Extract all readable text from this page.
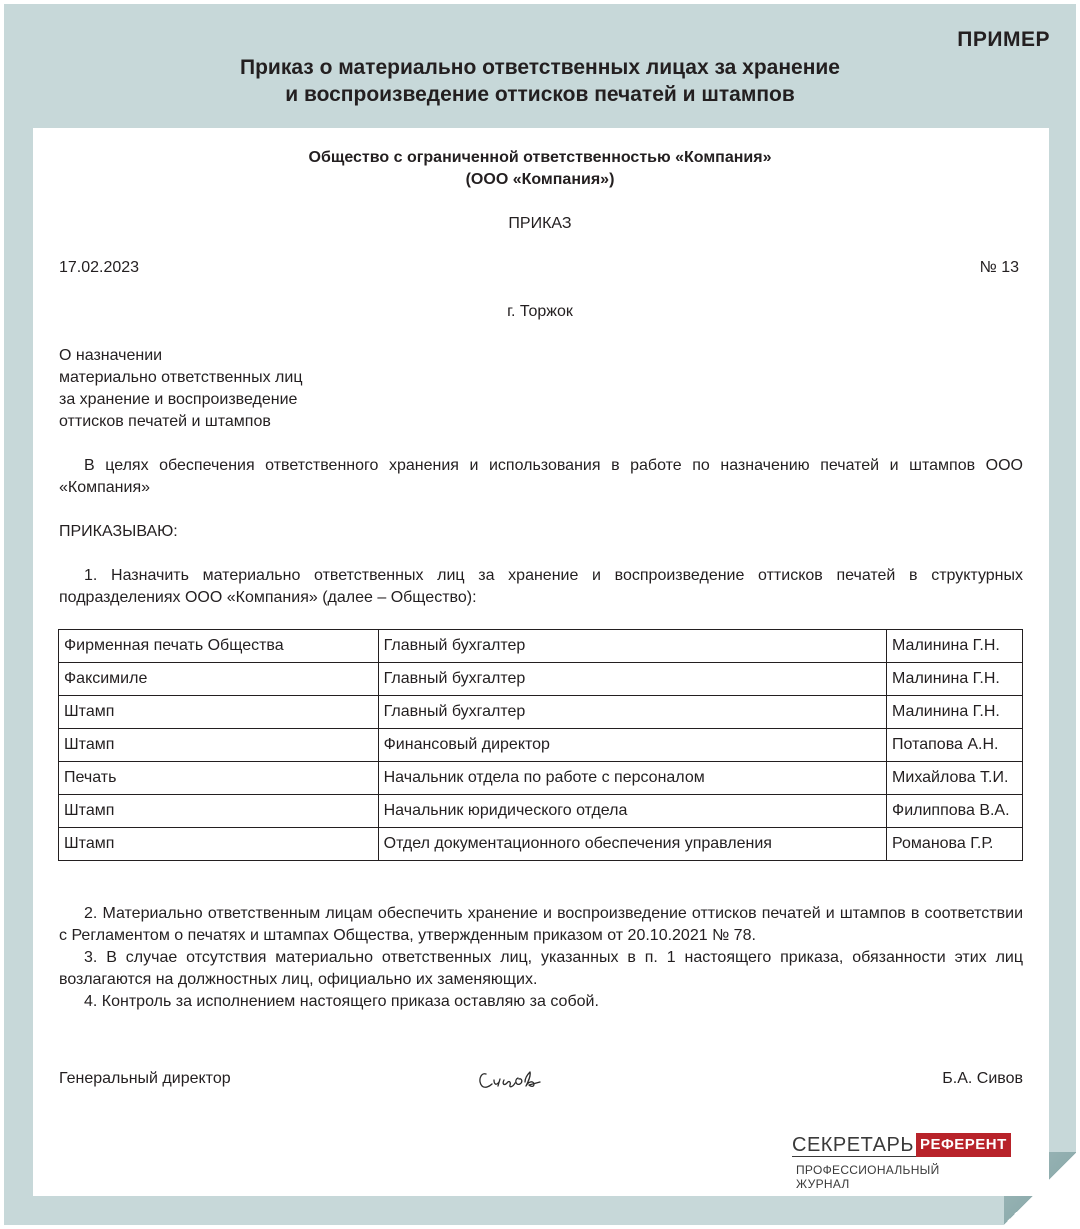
ПРИМЕР
Приказ о материально ответственных лицах за хранение
и воспроизведение оттисков печатей и штампов
Общество с ограниченной ответственностью «Компания»
(ООО «Компания»)
ПРИКАЗ
17.02.2023	№ 13
г. Торжок
О назначении
материально ответственных лиц
за хранение и воспроизведение
оттисков печатей и штампов
В целях обеспечения ответственного хранения и использования в работе по назначению печатей и штампов ООО «Компания»
ПРИКАЗЫВАЮ:
1. Назначить материально ответственных лиц за хранение и воспроизведение оттисков печатей в структурных подразделениях ООО «Компания» (далее – Общество):
Фирменная печать Общества	Главный бухгалтер	Малинина Г.Н.
Факсимиле	Главный бухгалтер	Малинина Г.Н.
Штамп	Главный бухгалтер	Малинина Г.Н.
Штамп	Финансовый директор	Потапова А.Н.
Печать	Начальник отдела по работе с персоналом	Михайлова Т.И.
Штамп	Начальник юридического отдела	Филиппова В.А.
Штамп	Отдел документационного обеспечения управления	Романова Г.Р.
2. Материально ответственным лицам обеспечить хранение и воспроизведение оттисков печатей и штампов в соответствии с Регламентом о печатях и штампах Общества, утвержденным приказом от 20.10.2021 № 78.
3. В случае отсутствия материально ответственных лиц, указанных в п. 1 настоящего приказа, обязанности этих лиц возлагаются на должностных лиц, официально их заменяющих.
4. Контроль за исполнением настоящего приказа оставляю за собой.
Генеральный директор	Б.А. Сивов
СЕКРЕТАРЬ РЕФЕРЕНТ
ПРОФЕССИОНАЛЬНЫЙ ЖУРНАЛ
